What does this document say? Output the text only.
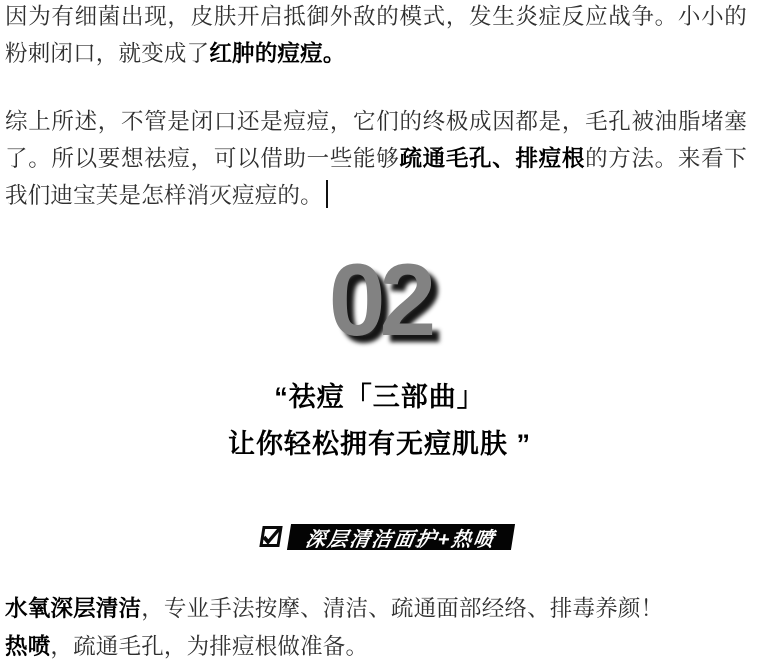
因为有细菌出现，皮肤开启抵御外敌的模式，发生炎症反应战争。小小的粉刺闭口，就变成了红肿的痘痘。
综上所述，不管是闭口还是痘痘，它们的终极成因都是，毛孔被油脂堵塞了。所以要想祛痘，可以借助一些能够疏通毛孔、排痘根的方法。来看下我们迪宝芙是怎样消灭痘痘的。
02
“祛痘「三部曲」
让你轻松拥有无痘肌肤 ”
深层清洁面护+热喷
水氧深层清洁，专业手法按摩、清洁、疏通面部经络、排毒养颜！
热喷，疏通毛孔，为排痘根做准备。
